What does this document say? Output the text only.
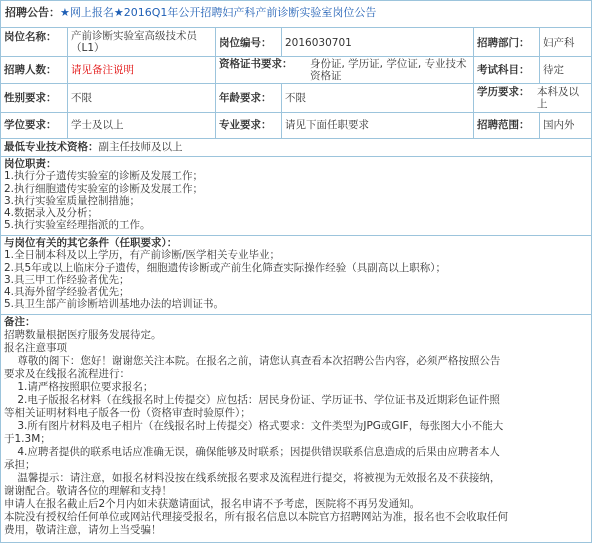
招聘公告：★网上报名★2016Q1年公开招聘妇产科产前诊断实验室岗位公告
岗位名称：	产前诊断实验室高级技术员（L1）	岗位编号：	2016030701	招聘部门：	妇产科
招聘人数：	请见备注说明	资格证书要求：	身份证, 学历证, 学位证, 专业技术资格证	考试科目：	待定
性别要求：	不限	年龄要求：	不限	学历要求： 本科及以上
学位要求：	学士及以上	专业要求：	请见下面任职要求	招聘范围：	国内外
最低专业技术资格：副主任技师及以上
岗位职责：
1.执行分子遗传实验室的诊断及发展工作；
2.执行细胞遗传实验室的诊断及发展工作；
3.执行实验室质量控制措施；
4.数据录入及分析；
5.执行实验室经理指派的工作。
与岗位有关的其它条件（任职要求）：
1.全日制本科及以上学历，有产前诊断/医学相关专业毕业；
2.具5年或以上临床分子遗传，细胞遗传诊断或产前生化筛查实际操作经验（具副高以上职称）；
3.具三甲工作经验者优先；
4.具海外留学经验者优先；
5.具卫生部产前诊断培训基地办法的培训证书。
备注：
招聘数量根据医疗服务发展待定。
报名注意事项
尊敬的阁下：您好！谢谢您关注本院。在报名之前，请您认真查看本次招聘公告内容，必须严格按照公告
要求及在线报名流程进行：
1.请严格按照职位要求报名；
2.电子版报名材料（在线报名时上传提交）应包括：居民身份证、学历证书、学位证书及近期彩色证件照
等相关证明材料电子版各一份（资格审查时验原件）；
3.所有图片材料及电子相片（在线报名时上传提交）格式要求：文件类型为JPG或GIF，每张图大小不能大
于1.3M；
4.应聘者提供的联系电话应准确无误，确保能够及时联系；因提供错误联系信息造成的后果由应聘者本人
承担；
温馨提示：请注意，如报名材料没按在线系统报名要求及流程进行提交，将被视为无效报名及不获接纳，
谢谢配合。敬请各位的理解和支持！
申请人在报名截止后2个月内如未获邀请面试，报名申请不予考虑，医院将不再另发通知。
本院没有授权给任何单位或网站代理接受报名，所有报名信息以本院官方招聘网站为准，报名也不会收取任何
费用，敬请注意，请勿上当受骗！
